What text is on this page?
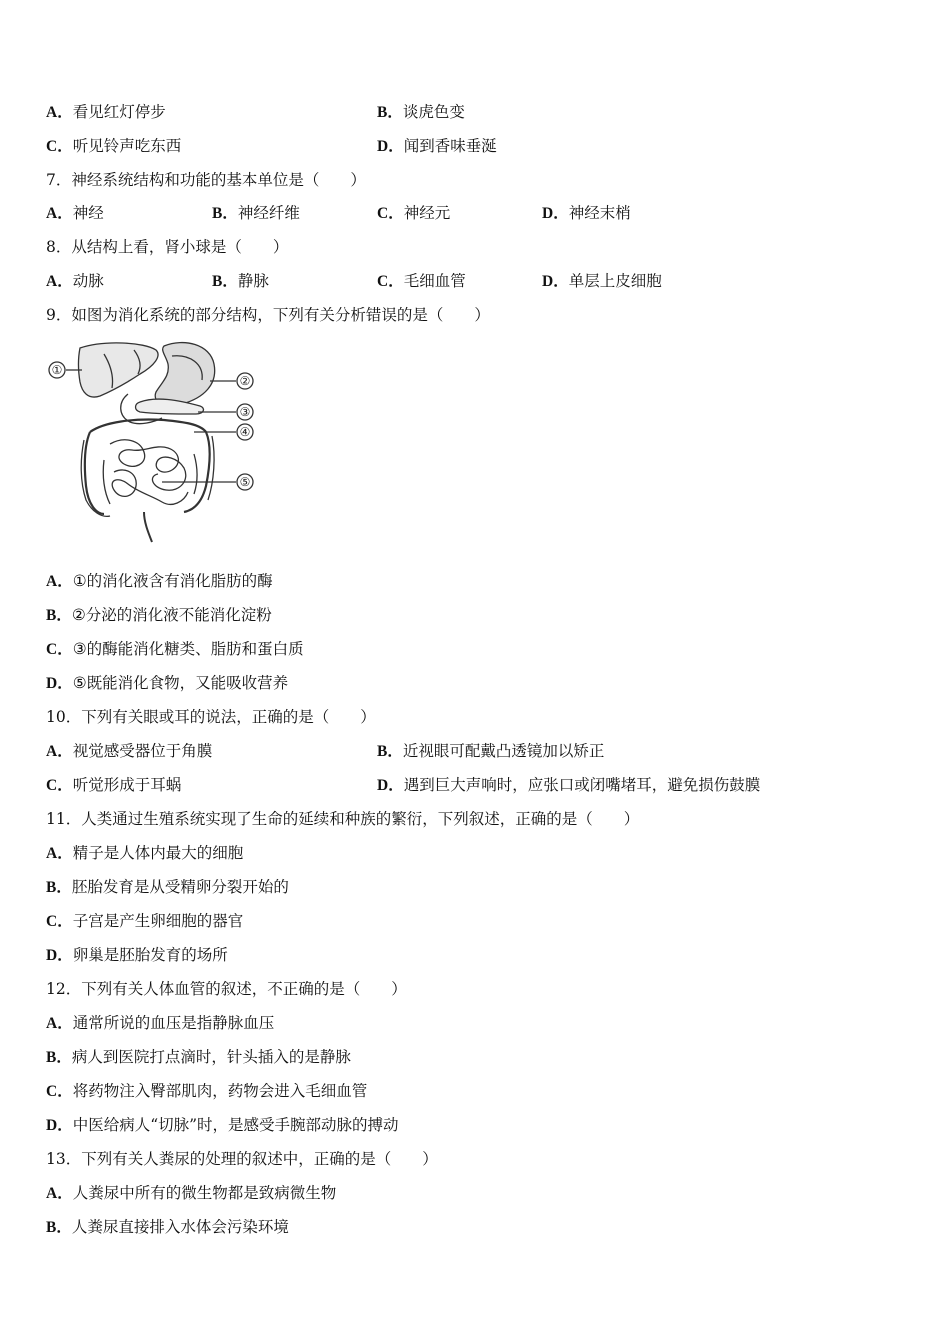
A．看见红灯停步	B．谈虎色变
C．听见铃声吃东西	D．闻到香味垂涎
7．神经系统结构和功能的基本单位是（　　）
A．神经	B．神经纤维	C．神经元	D．神经末梢
8．从结构上看，肾小球是（　　）
A．动脉	B．静脉	C．毛细血管	D．单层上皮细胞
9．如图为消化系统的部分结构，下列有关分析错误的是（　　）
①
②
③
④
⑤
A．①的消化液含有消化脂肪的酶
B．②分泌的消化液不能消化淀粉
C．③的酶能消化糖类、脂肪和蛋白质
D．⑤既能消化食物，又能吸收营养
10．下列有关眼或耳的说法，正确的是（　　）
A．视觉感受器位于角膜	B．近视眼可配戴凸透镜加以矫正
C．听觉形成于耳蜗	D．遇到巨大声响时，应张口或闭嘴堵耳，避免损伤鼓膜
11．人类通过生殖系统实现了生命的延续和种族的繁衍，下列叙述，正确的是（　　）
A．精子是人体内最大的细胞
B．胚胎发育是从受精卵分裂开始的
C．子宫是产生卵细胞的器官
D．卵巢是胚胎发育的场所
12．下列有关人体血管的叙述，不正确的是（　　）
A．通常所说的血压是指静脉血压
B．病人到医院打点滴时，针头插入的是静脉
C．将药物注入臀部肌肉，药物会进入毛细血管
D．中医给病人“切脉”时，是感受手腕部动脉的搏动
13．下列有关人粪尿的处理的叙述中，正确的是（　　）
A．人粪尿中所有的微生物都是致病微生物
B．人粪尿直接排入水体会污染环境
